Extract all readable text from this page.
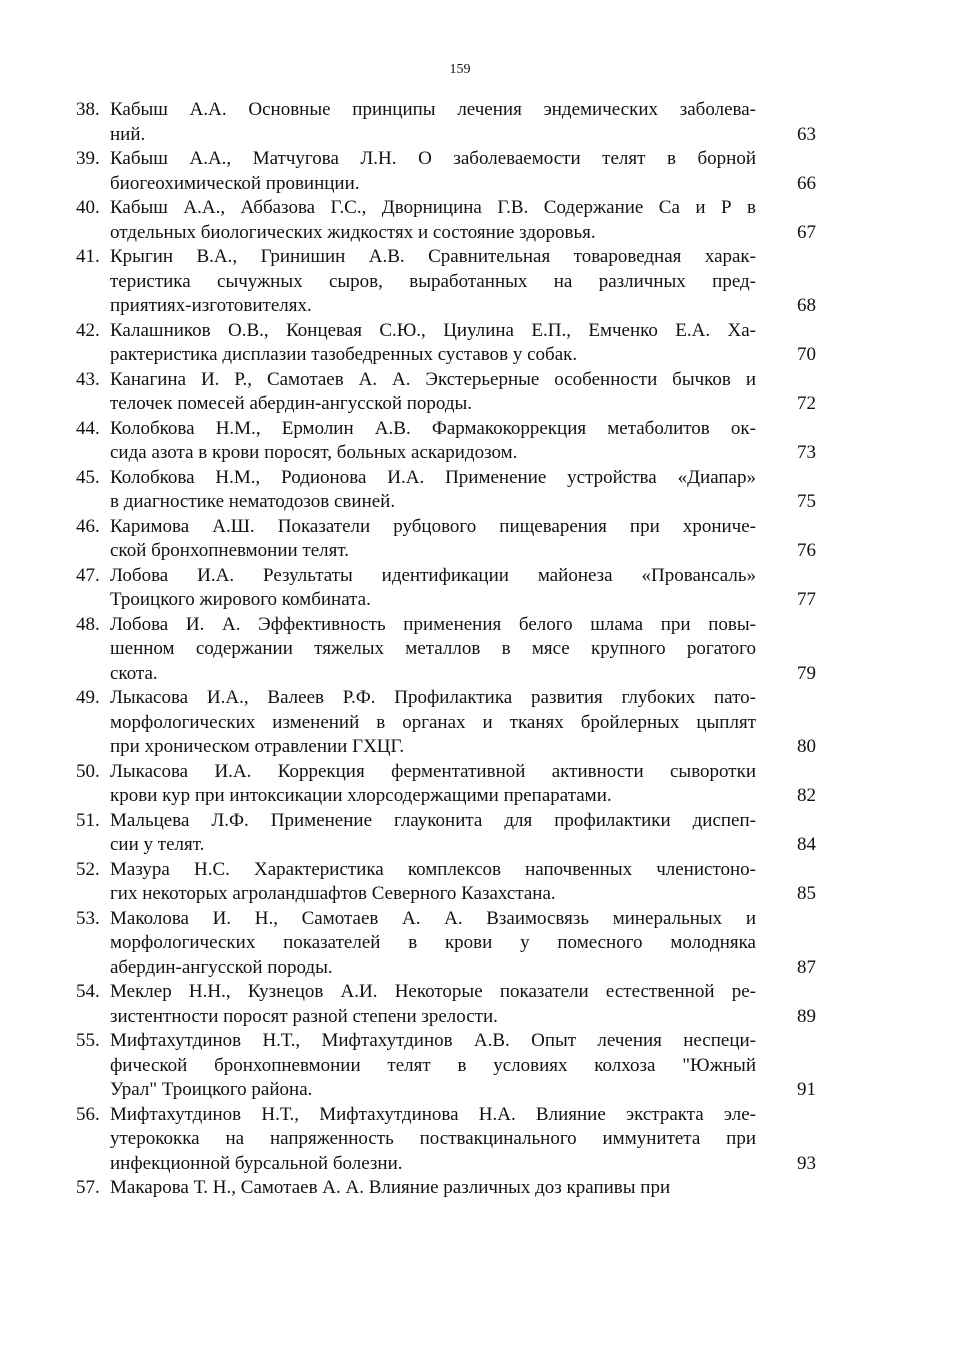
159
38. Кабыш А.А. Основные принципы лечения эндемических заболева-
ний.	63
39. Кабыш А.А., Матчугова Л.Н. О заболеваемости телят в борной
биогеохимической провинции.	66
40. Кабыш А.А., Аббазова Г.С., Дворницина Г.В. Содержание Са и Р в
отдельных биологических жидкостях и состояние здоровья.	67
41. Крыгин В.А., Гринишин А.В. Сравнительная товароведная харак-
теристика сычужных сыров, выработанных на различных пред-
приятиях-изготовителях.	68
42. Калашников О.В., Концевая С.Ю., Циулина Е.П., Емченко Е.А. Ха-
рактеристика дисплазии тазобедренных суставов у собак.	70
43. Канагина И. Р., Самотаев А. А. Экстерьерные особенности бычков и
телочек помесей абердин-ангусской породы.	72
44. Колобкова Н.М., Ермолин А.В. Фармакокоррекция метаболитов ок-
сида азота в крови поросят, больных аскаридозом.	73
45. Колобкова Н.М., Родионова И.А. Применение устройства «Диапар»
в диагностике нематодозов свиней.	75
46. Каримова А.Ш. Показатели рубцового пищеварения при хрониче-
ской бронхопневмонии телят.	76
47. Лобова И.А. Результаты идентификации майонеза «Провансаль»
Троицкого жирового комбината.	77
48. Лобова И. А. Эффективность применения белого шлама при повы-
шенном содержании тяжелых металлов в мясе крупного рогатого
скота.	79
49. Лыкасова И.А., Валеев Р.Ф. Профилактика развития глубоких пато-
морфологических изменений в органах и тканях бройлерных цыплят
при хроническом отравлении ГХЦГ.	80
50. Лыкасова И.А. Коррекция ферментативной активности сыворотки
крови кур при интоксикации хлорсодержащими препаратами.	82
51. Мальцева Л.Ф. Применение глауконита для профилактики диспеп-
сии у телят.	84
52. Мазура Н.С. Характеристика комплексов напочвенных членистоно-
гих некоторых агроландшафтов Северного Казахстана.	85
53. Маколова И. Н., Самотаев А. А. Взаимосвязь минеральных и
морфологических показателей в крови у помесного молодняка
абердин-ангусской породы.	87
54. Меклер Н.Н., Кузнецов А.И. Некоторые показатели естественной ре-
зистентности поросят разной степени зрелости.	89
55. Мифтахутдинов Н.Т., Мифтахутдинов А.В. Опыт лечения неспеци-
фической бронхопневмонии телят в условиях колхоза "Южный
Урал" Троицкого района.	91
56. Мифтахутдинов Н.Т., Мифтахутдинова Н.А. Влияние экстракта элe-
утерококка на напряженность поствакцинального иммунитета при
инфекционной бурсальной болезни.	93
57. Макарова Т. Н., Самотаев А. А. Влияние различных доз крапивы при
